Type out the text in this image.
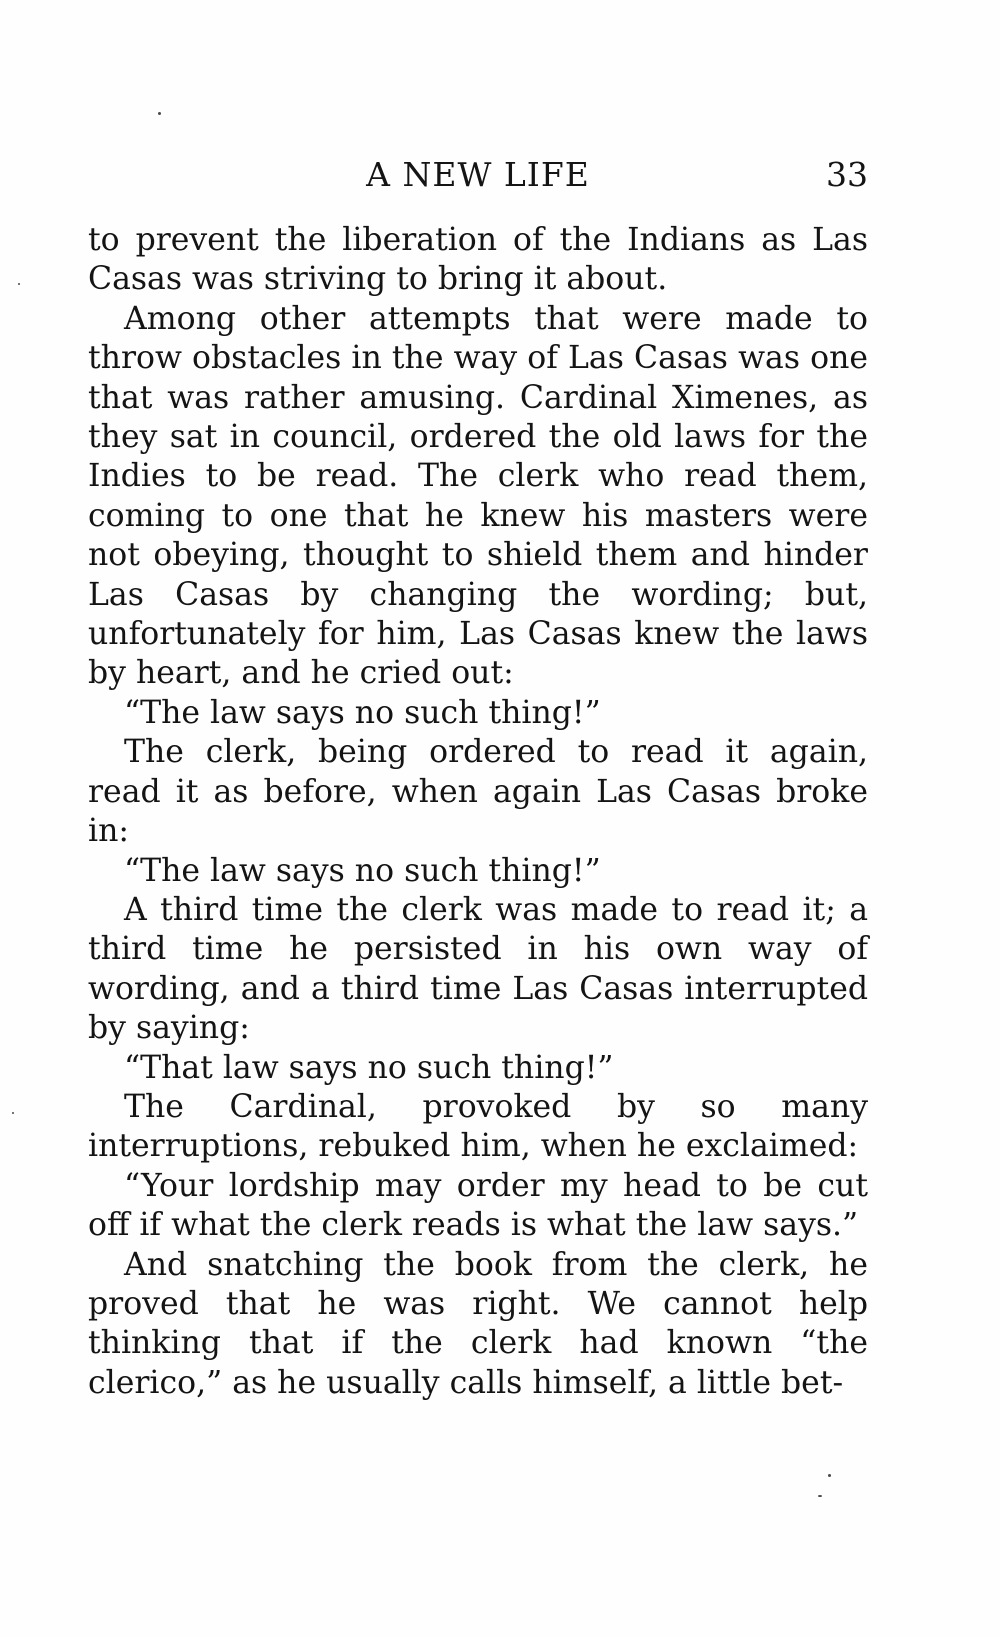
A NEW LIFE	33

to prevent the liberation of the Indians as Las Casas was striving to bring it about.

Among other attempts that were made to throw obstacles in the way of Las Casas was one that was rather amusing. Cardinal Ximenes, as they sat in council, ordered the old laws for the Indies to be read. The clerk who read them, coming to one that he knew his masters were not obeying, thought to shield them and hinder Las Casas by changing the wording; but, unfortunately for him, Las Casas knew the laws by heart, and he cried out:

“The law says no such thing!”

The clerk, being ordered to read it again, read it as before, when again Las Casas broke in:

“The law says no such thing!”

A third time the clerk was made to read it; a third time he persisted in his own way of wording, and a third time Las Casas interrupted by saying:

“That law says no such thing!”

The Cardinal, provoked by so many interruptions, rebuked him, when he exclaimed:

“Your lordship may order my head to be cut off if what the clerk reads is what the law says.”

And snatching the book from the clerk, he proved that he was right. We cannot help thinking that if the clerk had known “the clerico,” as he usually calls himself, a little bet-
